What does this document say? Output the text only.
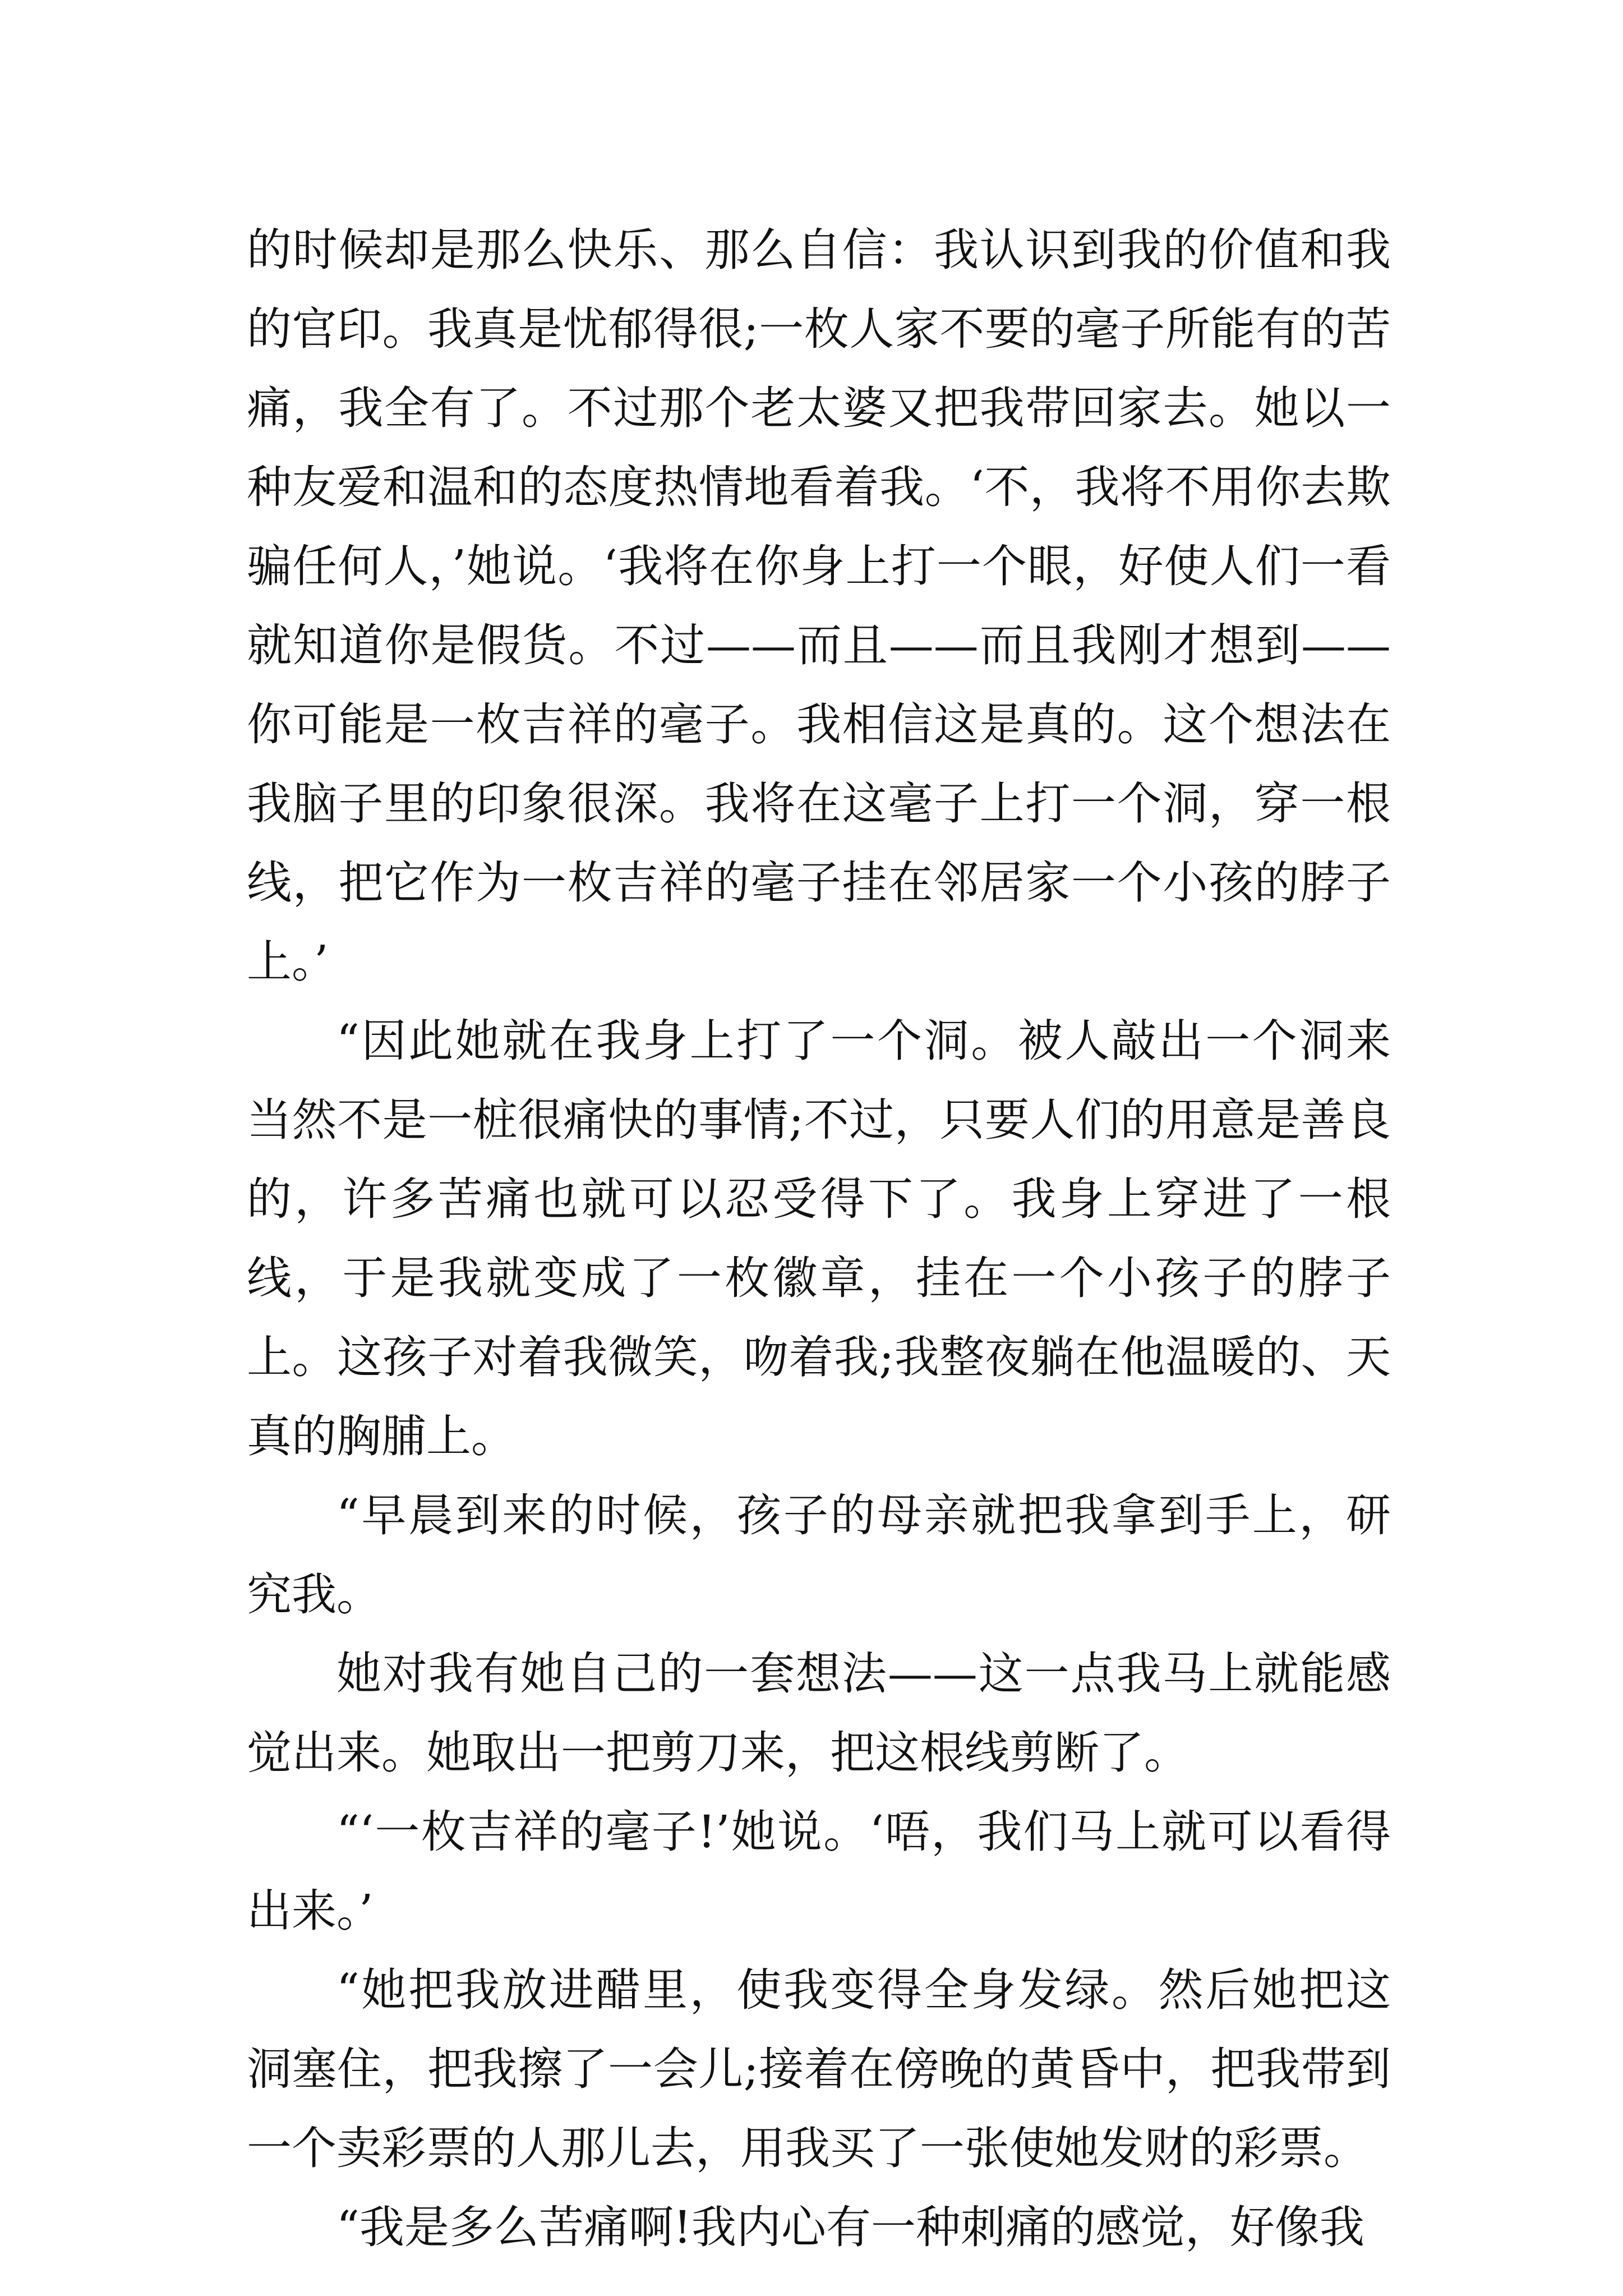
的时候却是那么快乐、那么自信：我认识到我的价值和我的官印。我真是忧郁得很;一枚人家不要的毫子所能有的苦痛，我全有了。不过那个老太婆又把我带回家去。她以一种友爱和温和的态度热情地看着我。‘不，我将不用你去欺骗任何人，’她说。‘我将在你身上打一个眼，好使人们一看就知道你是假货。不过——而且——而且我刚才想到——你可能是一枚吉祥的毫子。我相信这是真的。这个想法在我脑子里的印象很深。我将在这毫子上打一个洞，穿一根线，把它作为一枚吉祥的毫子挂在邻居家一个小孩的脖子上。’

“因此她就在我身上打了一个洞。被人敲出一个洞来当然不是一桩很痛快的事情;不过，只要人们的用意是善良的，许多苦痛也就可以忍受得下了。我身上穿进了一根线，于是我就变成了一枚徽章，挂在一个小孩子的脖子上。这孩子对着我微笑，吻着我;我整夜躺在他温暖的、天真的胸脯上。

“早晨到来的时候，孩子的母亲就把我拿到手上，研究我。

她对我有她自己的一套想法——这一点我马上就能感觉出来。她取出一把剪刀来，把这根线剪断了。

“‘一枚吉祥的毫子!’她说。‘唔，我们马上就可以看得出来。’

“她把我放进醋里，使我变得全身发绿。然后她把这洞塞住，把我擦了一会儿;接着在傍晚的黄昏中，把我带到一个卖彩票的人那儿去，用我买了一张使她发财的彩票。

“我是多么苦痛啊!我内心有一种刺痛的感觉，好像我
